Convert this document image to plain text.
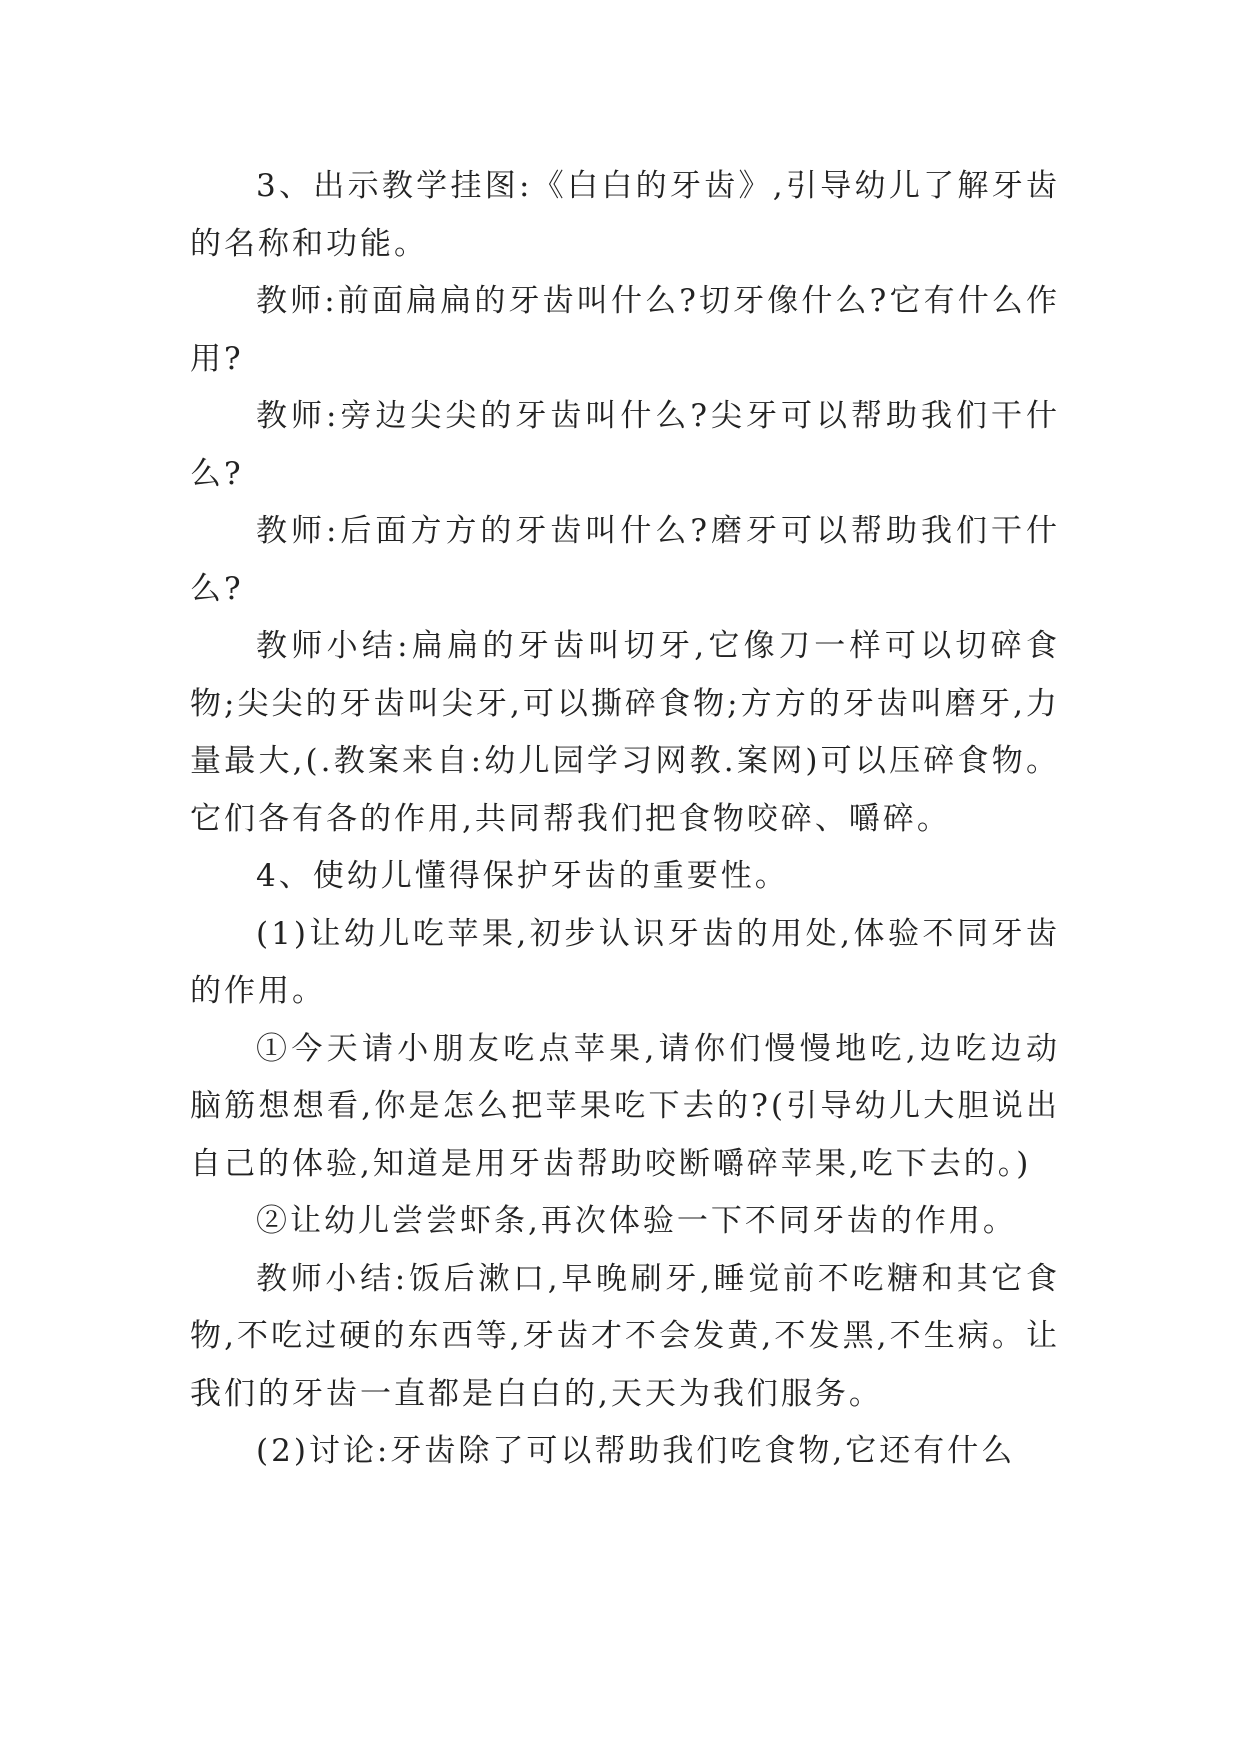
3、出示教学挂图:《白白的牙齿》,引导幼儿了解牙齿的名称和功能。

教师:前面扁扁的牙齿叫什么?切牙像什么?它有什么作用?

教师:旁边尖尖的牙齿叫什么?尖牙可以帮助我们干什么?

教师:后面方方的牙齿叫什么?磨牙可以帮助我们干什么?

教师小结:扁扁的牙齿叫切牙,它像刀一样可以切碎食物;尖尖的牙齿叫尖牙,可以撕碎食物;方方的牙齿叫磨牙,力量最大,(.教案来自:幼儿园学习网教.案网)可以压碎食物。它们各有各的作用,共同帮我们把食物咬碎、嚼碎。

4、使幼儿懂得保护牙齿的重要性。

(1)让幼儿吃苹果,初步认识牙齿的用处,体验不同牙齿的作用。

①今天请小朋友吃点苹果,请你们慢慢地吃,边吃边动脑筋想想看,你是怎么把苹果吃下去的?(引导幼儿大胆说出自己的体验,知道是用牙齿帮助咬断嚼碎苹果,吃下去的。)

②让幼儿尝尝虾条,再次体验一下不同牙齿的作用。

教师小结:饭后漱口,早晚刷牙,睡觉前不吃糖和其它食物,不吃过硬的东西等,牙齿才不会发黄,不发黑,不生病。让我们的牙齿一直都是白白的,天天为我们服务。

(2)讨论:牙齿除了可以帮助我们吃食物,它还有什么
